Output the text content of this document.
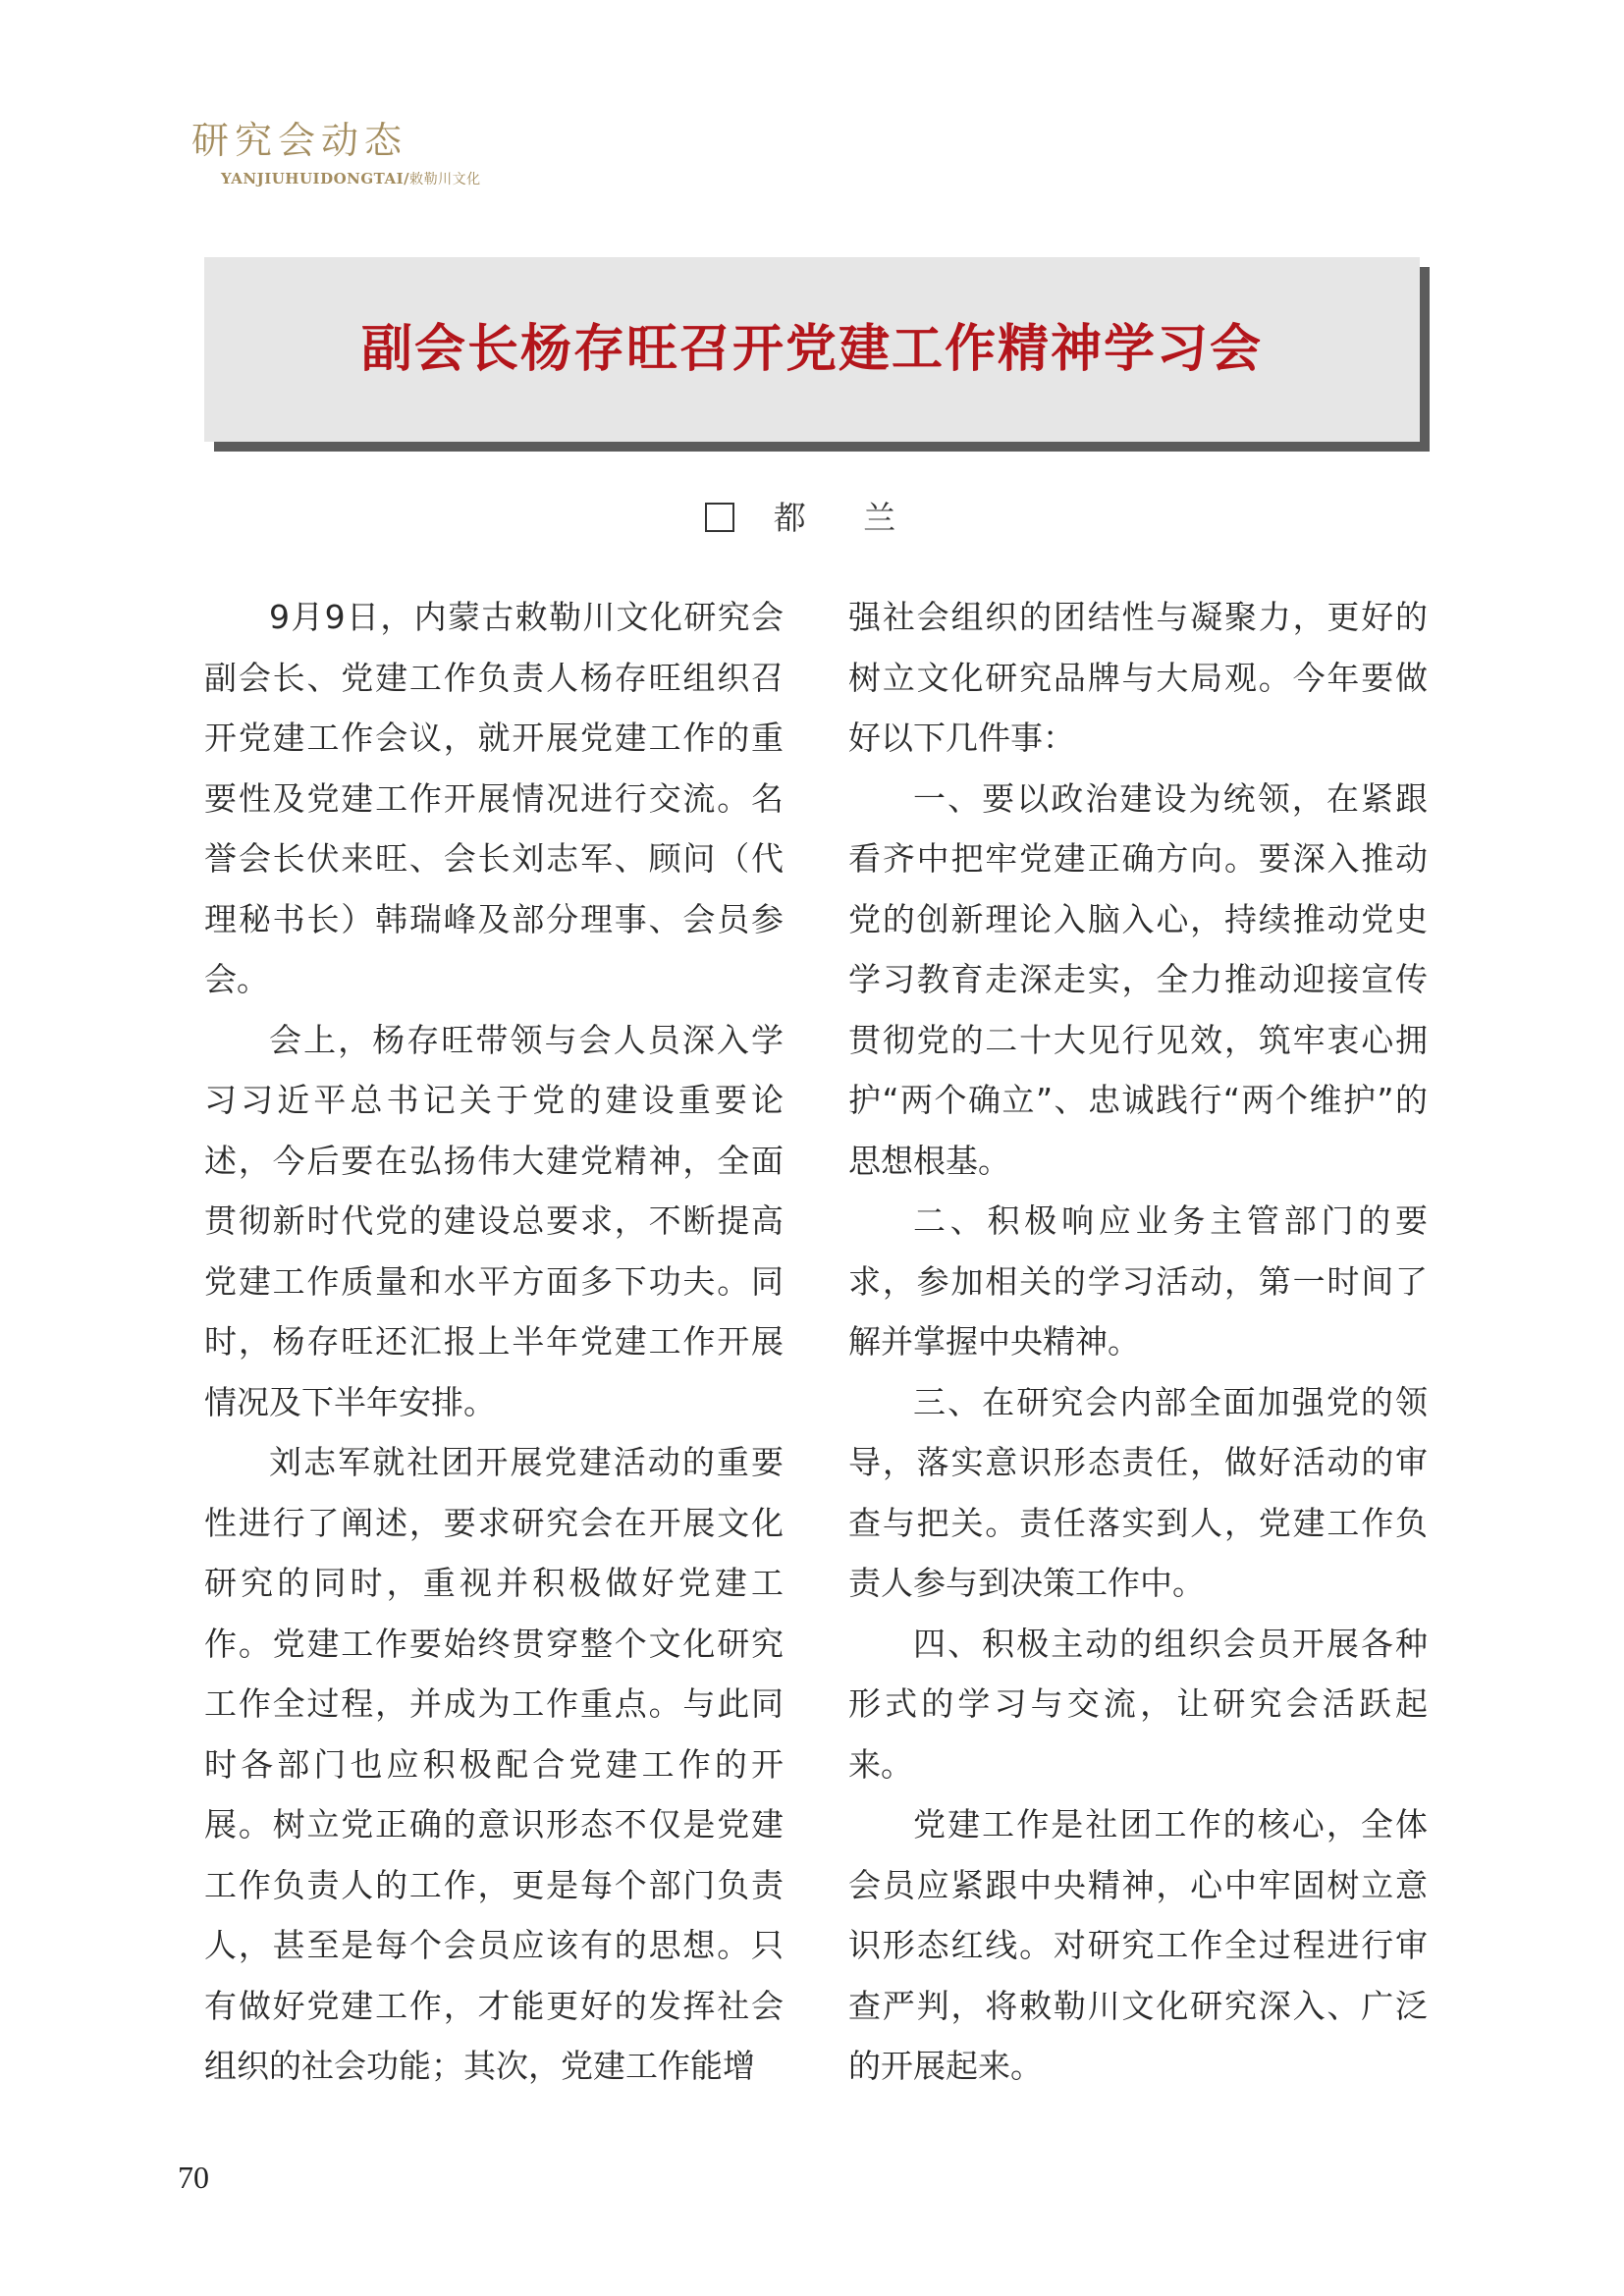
研究会动态
YANJIUHUIDONGTAI/敕勒川文化
副会长杨存旺召开党建工作精神学习会
都 兰

9月9日，内蒙古敕勒川文化研究会副会长、党建工作负责人杨存旺组织召开党建工作会议，就开展党建工作的重要性及党建工作开展情况进行交流。名誉会长伏来旺、会长刘志军、顾问（代理秘书长）韩瑞峰及部分理事、会员参会。

会上，杨存旺带领与会人员深入学习习近平总书记关于党的建设重要论述，今后要在弘扬伟大建党精神，全面贯彻新时代党的建设总要求，不断提高党建工作质量和水平方面多下功夫。同时，杨存旺还汇报上半年党建工作开展情况及下半年安排。

刘志军就社团开展党建活动的重要性进行了阐述，要求研究会在开展文化研究的同时，重视并积极做好党建工作。党建工作要始终贯穿整个文化研究工作全过程，并成为工作重点。与此同时各部门也应积极配合党建工作的开展。树立党正确的意识形态不仅是党建工作负责人的工作，更是每个部门负责人，甚至是每个会员应该有的思想。只有做好党建工作，才能更好的发挥社会组织的社会功能；其次，党建工作能增

强社会组织的团结性与凝聚力，更好的树立文化研究品牌与大局观。今年要做好以下几件事：

一、要以政治建设为统领，在紧跟看齐中把牢党建正确方向。要深入推动党的创新理论入脑入心，持续推动党史学习教育走深走实，全力推动迎接宣传贯彻党的二十大见行见效，筑牢衷心拥护“两个确立”、忠诚践行“两个维护”的思想根基。

二、积极响应业务主管部门的要求，参加相关的学习活动，第一时间了解并掌握中央精神。

三、在研究会内部全面加强党的领导，落实意识形态责任，做好活动的审查与把关。责任落实到人，党建工作负责人参与到决策工作中。

四、积极主动的组织会员开展各种形式的学习与交流，让研究会活跃起来。

党建工作是社团工作的核心，全体会员应紧跟中央精神，心中牢固树立意识形态红线。对研究工作全过程进行审查严判，将敕勒川文化研究深入、广泛的开展起来。

70
